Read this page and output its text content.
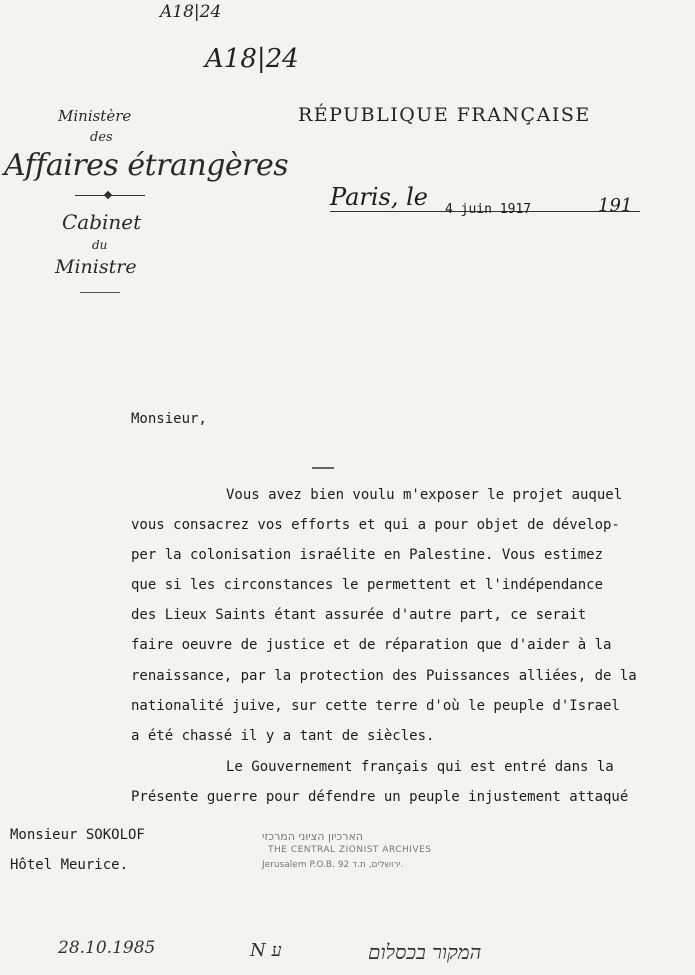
A18|24
A18|24
Ministère
des
Affaires étrangères
Cabinet
du
Ministre
RÉPUBLIQUE FRANÇAISE
Paris, le 4 juin 1917	191
Monsieur,
Vous avez bien voulu m'exposer le projet auquel
vous consacrez vos efforts et qui a pour objet de dévelop-
per la colonisation israélite en Palestine. Vous estimez
que si les circonstances le permettent et l'indépendance
des Lieux Saints étant assurée d'autre part, ce serait
faire oeuvre de justice et de réparation que d'aider à la
renaissance, par la protection des Puissances alliées, de la
nationalité juive, sur cette terre d'où le peuple d'Israel
a été chassé il y a tant de siècles.
Le Gouvernement français qui est entré dans la
Présente guerre pour défendre un peuple injustement attaqué
Monsieur SOKOLOF
Hôtel Meurice.
הארכיון הציוני המרכזי
THE CENTRAL ZIONIST ARCHIVES
Jerusalem P.O.B. 92 ירושלים, ת.ד.
28.10.1985	N ע	המקור בכסלום
